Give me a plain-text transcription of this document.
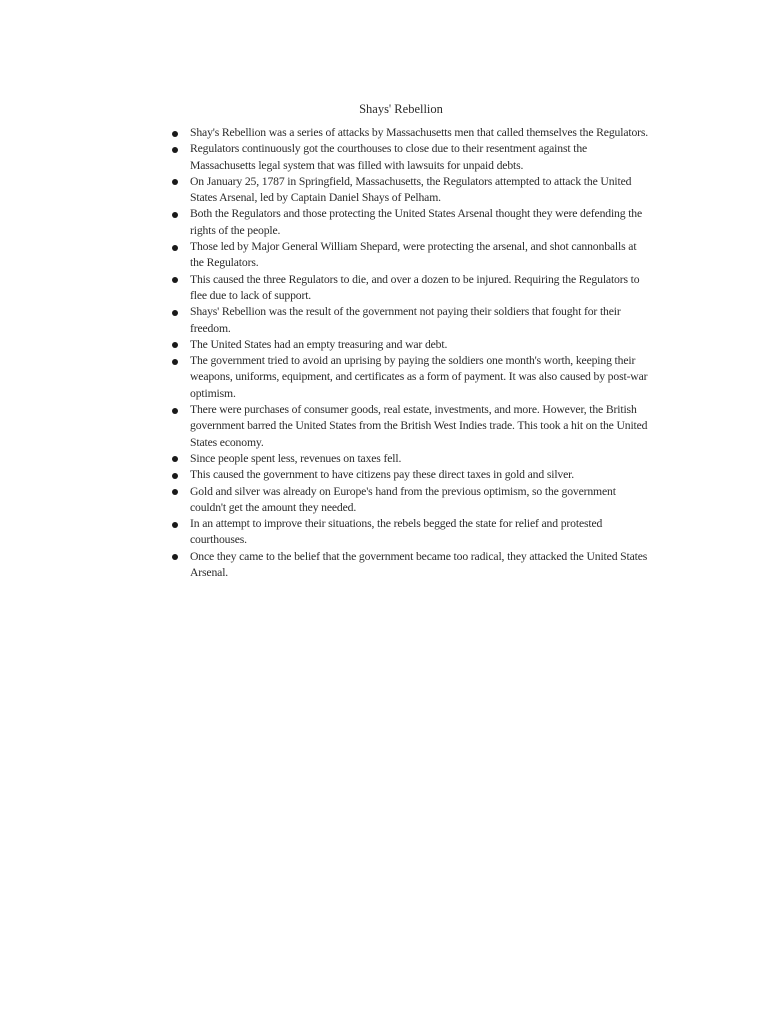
Shays' Rebellion
Shay's Rebellion was a series of attacks by Massachusetts men that called themselves the Regulators.
Regulators continuously got the courthouses to close due to their resentment against the Massachusetts legal system that was filled with lawsuits for unpaid debts.
On January 25, 1787 in Springfield, Massachusetts, the Regulators attempted to attack the United States Arsenal, led by Captain Daniel Shays of Pelham.
Both the Regulators and those protecting the United States Arsenal thought they were defending the rights of the people.
Those led by Major General William Shepard, were protecting the arsenal, and shot cannonballs at the Regulators.
This caused the three Regulators to die, and over a dozen to be injured. Requiring the Regulators to flee due to lack of support.
Shays' Rebellion was the result of the government not paying their soldiers that fought for their freedom.
The United States had an empty treasuring and war debt.
The government tried to avoid an uprising by paying the soldiers one month's worth, keeping their weapons, uniforms, equipment, and certificates as a form of payment. It was also caused by post-war optimism.
There were purchases of consumer goods, real estate, investments, and more. However, the British government barred the United States from the British West Indies trade. This took a hit on the United States economy.
Since people spent less, revenues on taxes fell.
This caused the government to have citizens pay these direct taxes in gold and silver.
Gold and silver was already on Europe's hand from the previous optimism, so the government couldn't get the amount they needed.
In an attempt to improve their situations, the rebels begged the state for relief and protested courthouses.
Once they came to the belief that the government became too radical, they attacked the United States Arsenal.
